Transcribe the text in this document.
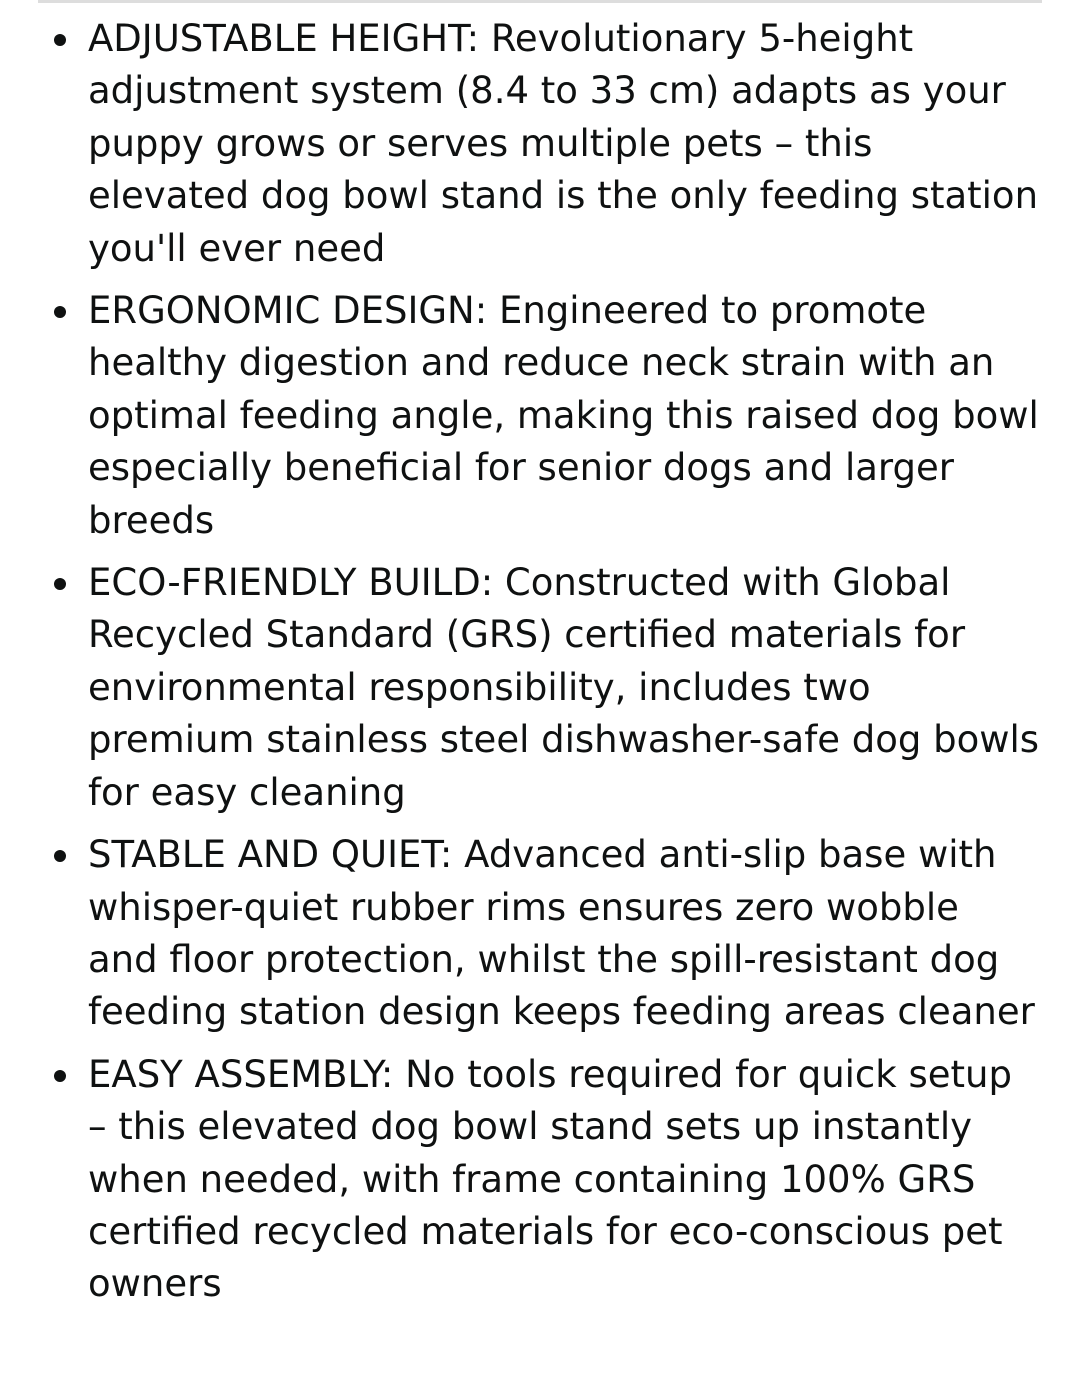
ADJUSTABLE HEIGHT: Revolutionary 5-height adjustment system (8.4 to 33 cm) adapts as your puppy grows or serves multiple pets – this elevated dog bowl stand is the only feeding station you'll ever need
ERGONOMIC DESIGN: Engineered to promote healthy digestion and reduce neck strain with an optimal feeding angle, making this raised dog bowl especially beneficial for senior dogs and larger breeds
ECO-FRIENDLY BUILD: Constructed with Global Recycled Standard (GRS) certified materials for environmental responsibility, includes two premium stainless steel dishwasher-safe dog bowls for easy cleaning
STABLE AND QUIET: Advanced anti-slip base with whisper-quiet rubber rims ensures zero wobble and floor protection, whilst the spill-resistant dog feeding station design keeps feeding areas cleaner
EASY ASSEMBLY: No tools required for quick setup – this elevated dog bowl stand sets up instantly when needed, with frame containing 100% GRS certified recycled materials for eco-conscious pet owners
